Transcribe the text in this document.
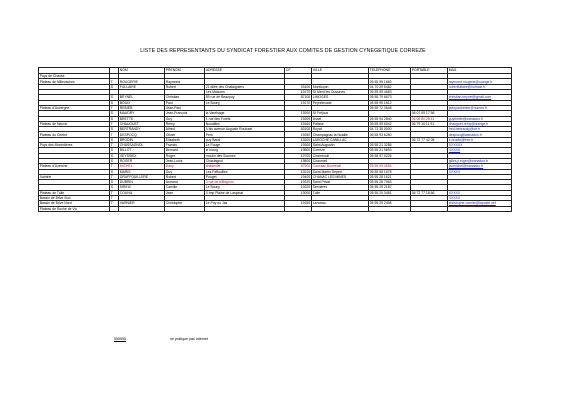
LISTE DES REPRESENTANTS DU SYNDICAT FORESTIER AUX COMITES DE GESTION CYNEGETIQUE CORREZE
		NOM	PRENOM	ADRESSE	CP	VILLE	TELEPHONE	PORTABLE	MAIL
Pays de Chasse									
Plateau de Millevaches	T	ROUGERIE	Raymond				05 55 95 1683		raymond.rougerie@orange.fr
	S	FULLAIRE	Robert	21 allée des Châtaigniers	03100	Montluçon	04 70 29 5462		robertfullaire@hotmail.fr
				Les Maisons	19170	St Merd les Oussines	05 55 95 4683		
	S	BEYNEL	Christian	59 rue de Beaupuy	87100	LIMOGES	05 55 79 6673		christian.beynel@gmail.com
	S	BOUIX	Paul	Le Bourg	19170	Peyrelevade	05 55 95 1612		
Plateau d'Auvergne	T	REBIER	Jean-Paul				05 55 72 3648		jeanpaulrebier@numeo.fr
	S	MAUDRY	Jean-François	la Vareisage	19200	St Fréjoux		06 07 05 17 56	
	S	BRETTE	Guy	1 rue des Forêts	19200	Ussel	05 55 94 2840	06 08 80 28 41	guybrette@wanadoo.fr
Plateau de Neuvic	T	CHAUGUET	Rémy	Nouailles	19160	Palisse	05 55 95 6042	06 79 10 11 91	chauguet.remy@orange.fr
	S	BERTRANDY	Alfred	4 bis avenue Auguste Rouisset	63100	Royat	04 73 35 0000		fred.bertrandy@sfr.fr
Plateau du Centre	T	DESPOCQ	Olivier	Pers	19250	Champagnac la Noaille	05 55 93 6280		despocq@wanadoo.fr
	S	BRODIN	Elisabeth	puy Baral	19200	LAROCHE CANILLAC		06 72 77 42 05	e.brodin@free.fr
Puys des Monédières	T	CHASSAGNOL	Francis	Le Fouge	19300	Saint Augustin	05 55 21 3285		XXXXXX
	S	BILLOT	Bernard	le bourg	19800	Corrèze	05 55 21 9893		XXXXX
	S	VEYSSIEX	Roger	moulin des Soumes	19700	Chambouli	05 55 97 0226		
	S	ROGER	Jean-Louis	Chastagnol	19800	Chaumeil			gilles.ji.roger@wanadoo.fr
Plateau d'Uzerche	T	MICHEL	Dany	chadenier	87500	Coussac Bonneval	05 55 09 4554		jacmichel@wanadoo.fr
	S	MARIS	Guy	Les Faffouilles	19210	Saint Martin Sepert	05 55 98 1678		XXXXX
Xaintrie	T	GRAFFOUILLERE	Robert	Pouget	19400	CHANAC LES MINES	05 55 28 1621		
	S	DUBRIN	Armand	3 rue de billiagrum	19220	Saint Privat	05 55 28 7063		
	S	SIREIX	Camille	Le Bourg	19220	Servières	05 55 29 2187		
Plateau de Tulle	T	COUNIL	Jean	3 Imp Plaine de Laspinat	19000	Tulle	05 55 20 3481	06 72 77 18 66	XXXXX
Bassin de Brive Sud	T								XXXXX
Bassin de Brive Nord	T	VARNIER	Christophe	Le Puy ou Jas	19150	Lanceau	05 55 25 2498		christophe.varnier@laposte.net
Plateau de Roche de Vic									
555555	ne pratique pas Internet
